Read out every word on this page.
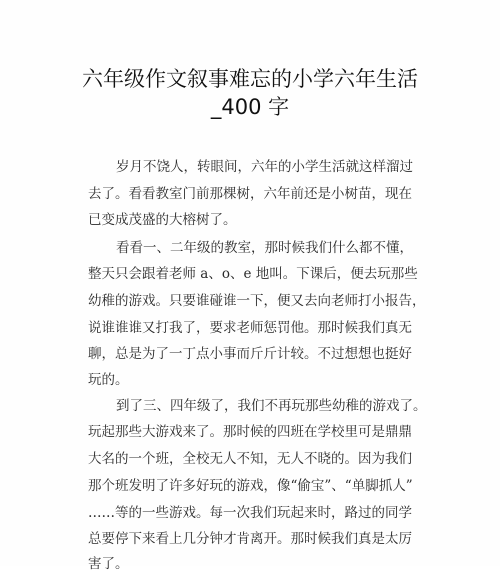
六年级作文叙事难忘的小学六年生活
_400 字
岁月不饶人，转眼间，六年的小学生活就这样溜过
去了。看看教室门前那棵树，六年前还是小树苗，现在
已变成茂盛的大榕树了。
看看一、二年级的教室，那时候我们什么都不懂，
整天只会跟着老师 a、o、e 地叫。下课后，便去玩那些
幼稚的游戏。只要谁碰谁一下，便又去向老师打小报告，
说谁谁谁又打我了，要求老师惩罚他。那时候我们真无
聊，总是为了一丁点小事而斤斤计较。不过想想也挺好
玩的。
到了三、四年级了，我们不再玩那些幼稚的游戏了。
玩起那些大游戏来了。那时候的四班在学校里可是鼎鼎
大名的一个班，全校无人不知，无人不晓的。因为我们
那个班发明了许多好玩的游戏，像“偷宝”、“单脚抓人”
……等的一些游戏。每一次我们玩起来时，路过的同学
总要停下来看上几分钟才肯离开。那时候我们真是太厉
害了。
